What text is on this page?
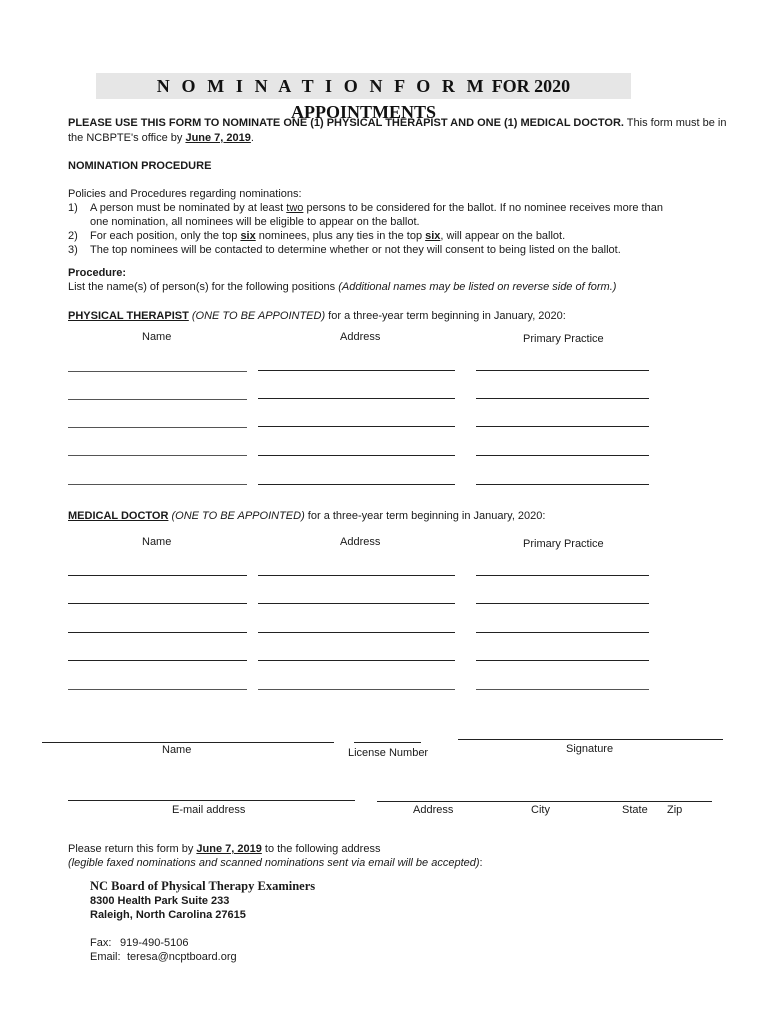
N O M I N A T I O N F O R M FOR 2020 APPOINTMENTS
PLEASE USE THIS FORM TO NOMINATE ONE (1) PHYSICAL THERAPIST AND ONE (1) MEDICAL DOCTOR. This form must be in
the NCBPTE's office by June 7, 2019.
NOMINATION PROCEDURE
Policies and Procedures regarding nominations:
1) A person must be nominated by at least two persons to be considered for the ballot. If no nominee receives more than
one nomination, all nominees will be eligible to appear on the ballot.
2) For each position, only the top six nominees, plus any ties in the top six, will appear on the ballot.
3) The top nominees will be contacted to determine whether or not they will consent to being listed on the ballot.
Procedure:
List the name(s) of person(s) for the following positions (Additional names may be listed on reverse side of form.)
PHYSICAL THERAPIST (ONE TO BE APPOINTED) for a three-year term beginning in January, 2020:
Name	Address	Primary Practice
MEDICAL DOCTOR (ONE TO BE APPOINTED) for a three-year term beginning in January, 2020:
Name	Address	Primary Practice
Name	License Number	Signature
E-mail address	Address	City	State Zip
Please return this form by June 7, 2019 to the following address
(legible faxed nominations and scanned nominations sent via email will be accepted):
NC Board of Physical Therapy Examiners
8300 Health Park Suite 233
Raleigh, North Carolina 27615
Fax: 919-490-5106
Email: teresa@ncptboard.org
